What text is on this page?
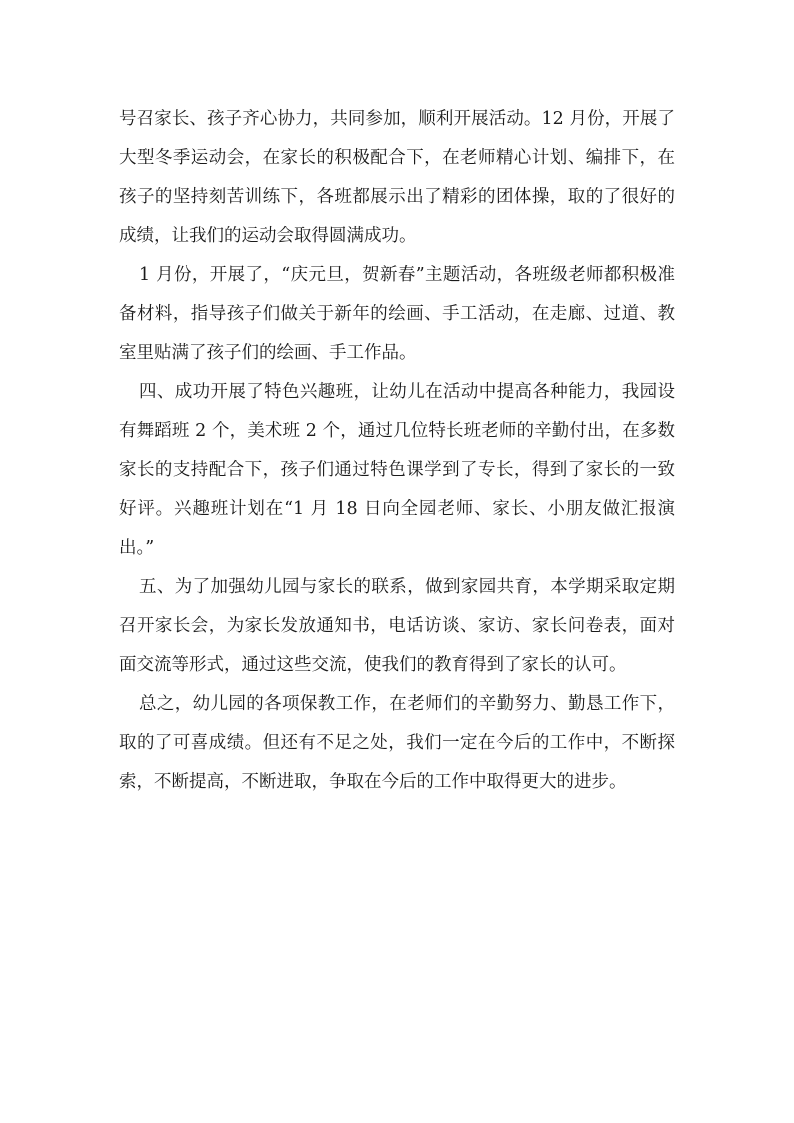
号召家长、孩子齐心协力，共同参加，顺利开展活动。12 月份，开展了大型冬季运动会，在家长的积极配合下，在老师精心计划、编排下，在孩子的坚持刻苦训练下，各班都展示出了精彩的团体操，取的了很好的成绩，让我们的运动会取得圆满成功。

1 月份，开展了，“庆元旦，贺新春”主题活动，各班级老师都积极准备材料，指导孩子们做关于新年的绘画、手工活动，在走廊、过道、教室里贴满了孩子们的绘画、手工作品。

四、成功开展了特色兴趣班，让幼儿在活动中提高各种能力，我园设有舞蹈班 2 个，美术班 2 个，通过几位特长班老师的辛勤付出，在多数家长的支持配合下，孩子们通过特色课学到了专长，得到了家长的一致好评。兴趣班计划在“1 月 18 日向全园老师、家长、小朋友做汇报演出。”

五、为了加强幼儿园与家长的联系，做到家园共育，本学期采取定期召开家长会，为家长发放通知书，电话访谈、家访、家长问卷表，面对面交流等形式，通过这些交流，使我们的教育得到了家长的认可。

总之，幼儿园的各项保教工作，在老师们的辛勤努力、勤恳工作下，取的了可喜成绩。但还有不足之处，我们一定在今后的工作中，不断探索，不断提高，不断进取，争取在今后的工作中取得更大的进步。
